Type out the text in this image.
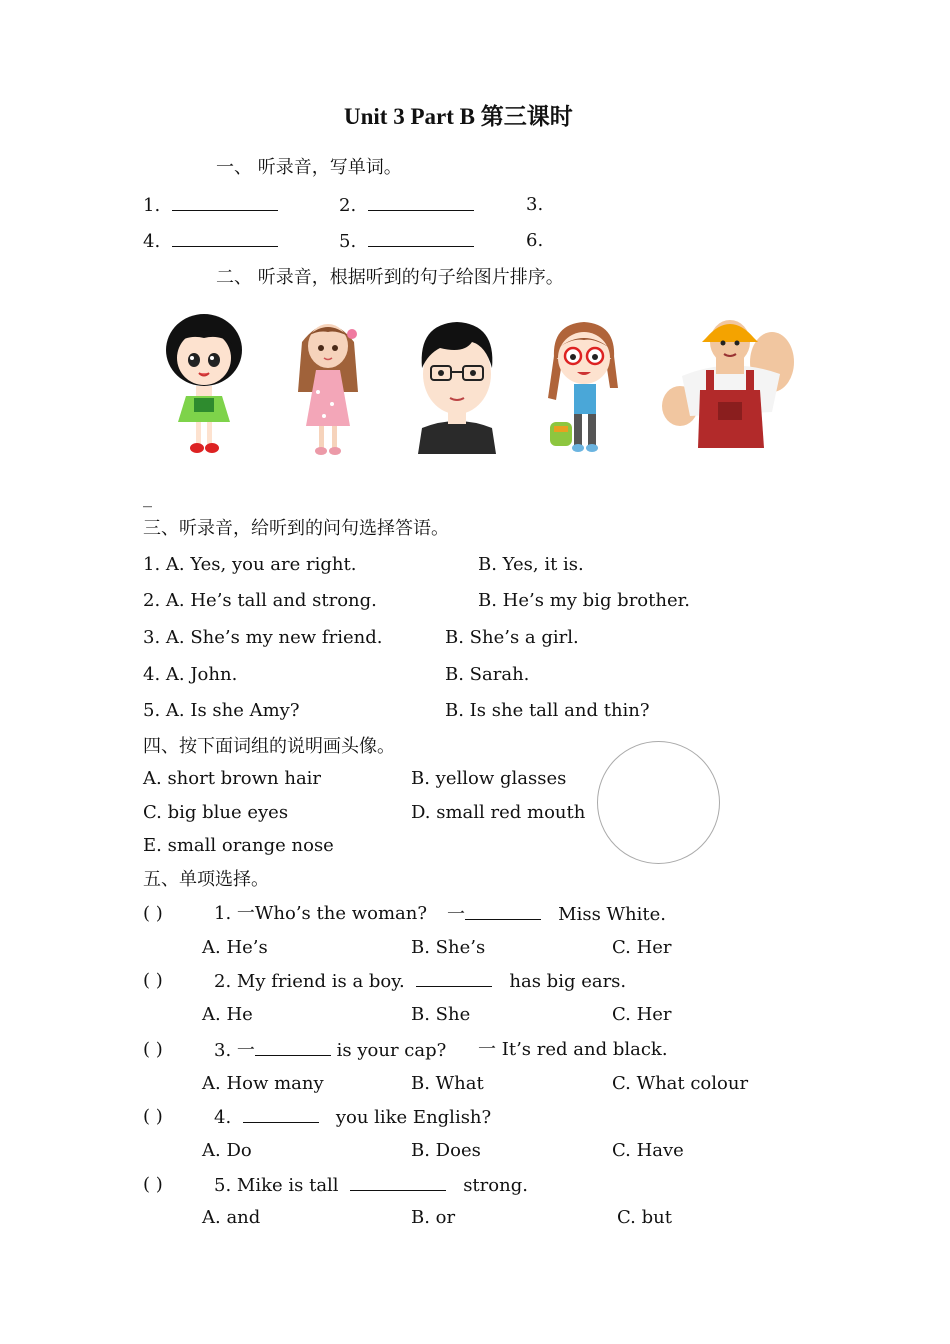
Unit 3 Part B 第三课时
一、 听录音，写单词。
1.	2.	3.
4.	5.	6.
二、 听录音，根据听到的句子给图片排序。
_
三、听录音，给听到的问句选择答语。
1. A. Yes, you are right.	B. Yes, it is.
2. A. He’s tall and strong.	B. He’s my big brother.
3. A. She’s my new friend.	B. She’s a girl.
4. A. John.	B. Sarah.
5. A. Is she Amy?	B. Is she tall and thin?
四、按下面词组的说明画头像。
A. short brown hair	B. yellow glasses
C. big blue eyes	D. small red mouth
E. small orange nose
五、单项选择。
( )	1. 一Who’s the woman? 一	Miss White.
A. He’s	B. She’s	C. Her
( )	2. My friend is a boy.	has big ears.
A. He	B. She	C. Her
( )	3. 一	is your cap? 一 It’s red and black.
A. How many	B. What	C. What colour
( )	4.	you like English?
A. Do	B. Does	C. Have
( )	5. Mike is tall	strong.
A. and	B. or	C. but
